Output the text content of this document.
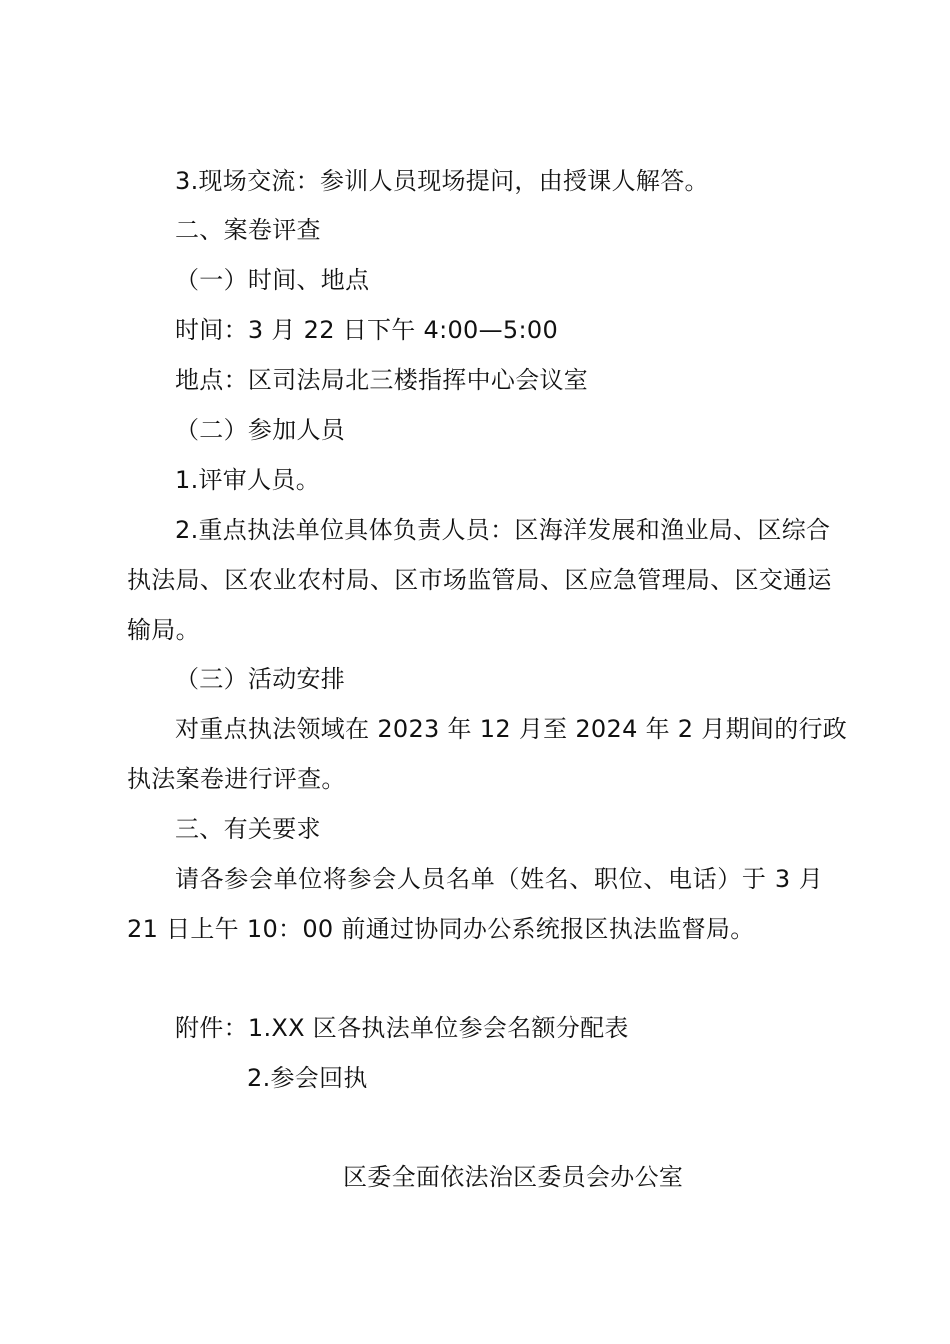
3.现场交流：参训人员现场提问，由授课人解答。
二、案卷评查
（一）时间、地点
时间：3 月 22 日下午 4:00—5:00
地点：区司法局北三楼指挥中心会议室
（二）参加人员
1.评审人员。
2.重点执法单位具体负责人员：区海洋发展和渔业局、区综合
执法局、区农业农村局、区市场监管局、区应急管理局、区交通运
输局。
（三）活动安排
对重点执法领域在 2023 年 12 月至 2024 年 2 月期间的行政
执法案卷进行评查。
三、有关要求
请各参会单位将参会人员名单（姓名、职位、电话）于 3 月
21 日上午 10：00 前通过协同办公系统报区执法监督局。
附件：1.XX 区各执法单位参会名额分配表
2.参会回执
区委全面依法治区委员会办公室
